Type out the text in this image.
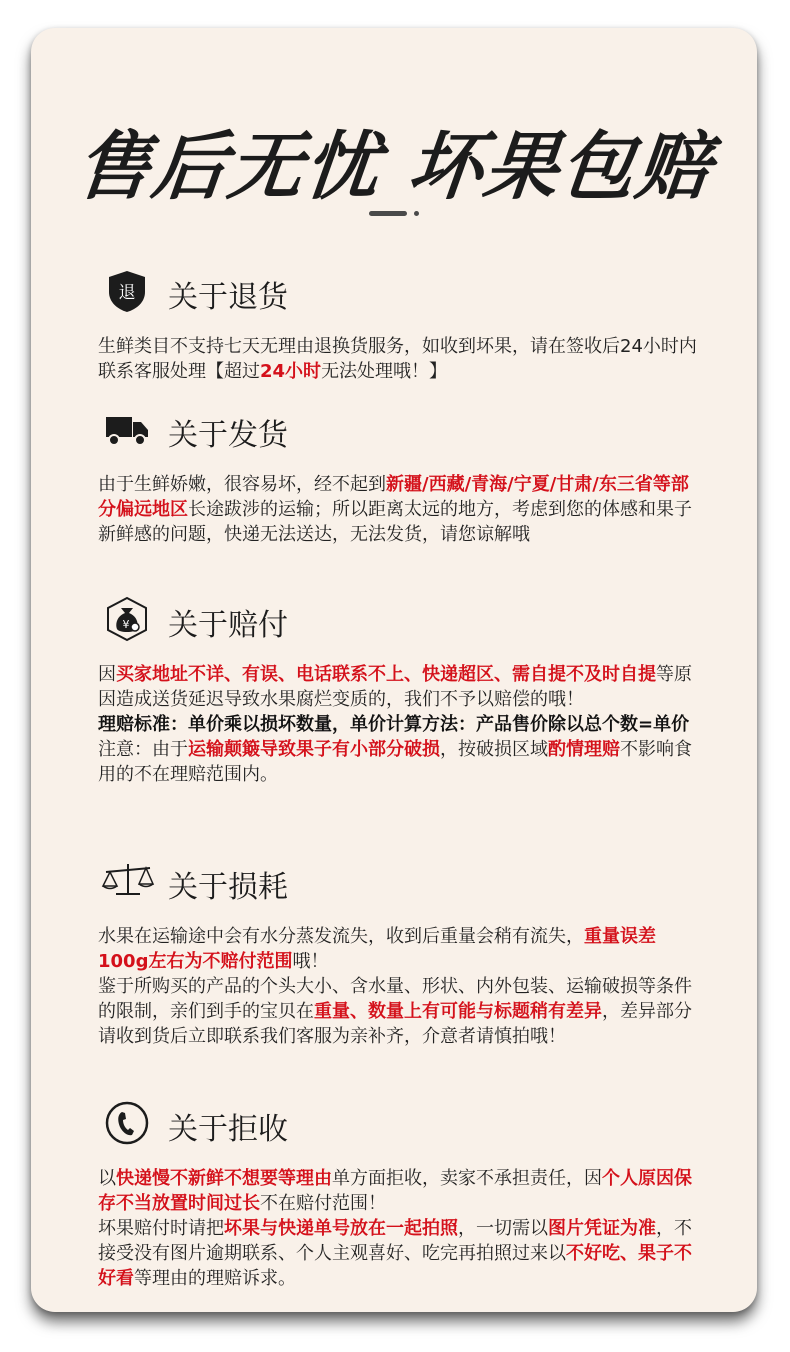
售后无忧 坏果包赔
退 关于退货

生鲜类目不支持七天无理由退换货服务，如收到坏果，请在签收后24小时内联系客服处理【超过24小时无法处理哦！】

关于发货

由于生鲜娇嫩，很容易坏，经不起到新疆/西藏/青海/宁夏/甘肃/东三省等部分偏远地区长途跋涉的运输；所以距离太远的地方，考虑到您的体感和果子新鲜感的问题，快递无法送达，无法发货，请您谅解哦

¥ 关于赔付

因买家地址不详、有误、电话联系不上、快递超区、需自提不及时自提等原因造成送货延迟导致水果腐烂变质的，我们不予以赔偿的哦！

理赔标准：单价乘以损坏数量，单价计算方法：产品售价除以总个数=单价

注意：由于运输颠簸导致果子有小部分破损，按破损区域酌情理赔不影响食用的不在理赔范围内。

关于损耗

水果在运输途中会有水分蒸发流失，收到后重量会稍有流失，重量误差100g左右为不赔付范围哦！

鉴于所购买的产品的个头大小、含水量、形状、内外包装、运输破损等条件的限制，亲们到手的宝贝在重量、数量上有可能与标题稍有差异，差异部分请收到货后立即联系我们客服为亲补齐，介意者请慎拍哦！

关于拒收

以快递慢不新鲜不想要等理由单方面拒收，卖家不承担责任，因个人原因保存不当放置时间过长不在赔付范围！

坏果赔付时请把坏果与快递单号放在一起拍照，一切需以图片凭证为准，不接受没有图片逾期联系、个人主观喜好、吃完再拍照过来以不好吃、果子不好看等理由的理赔诉求。
